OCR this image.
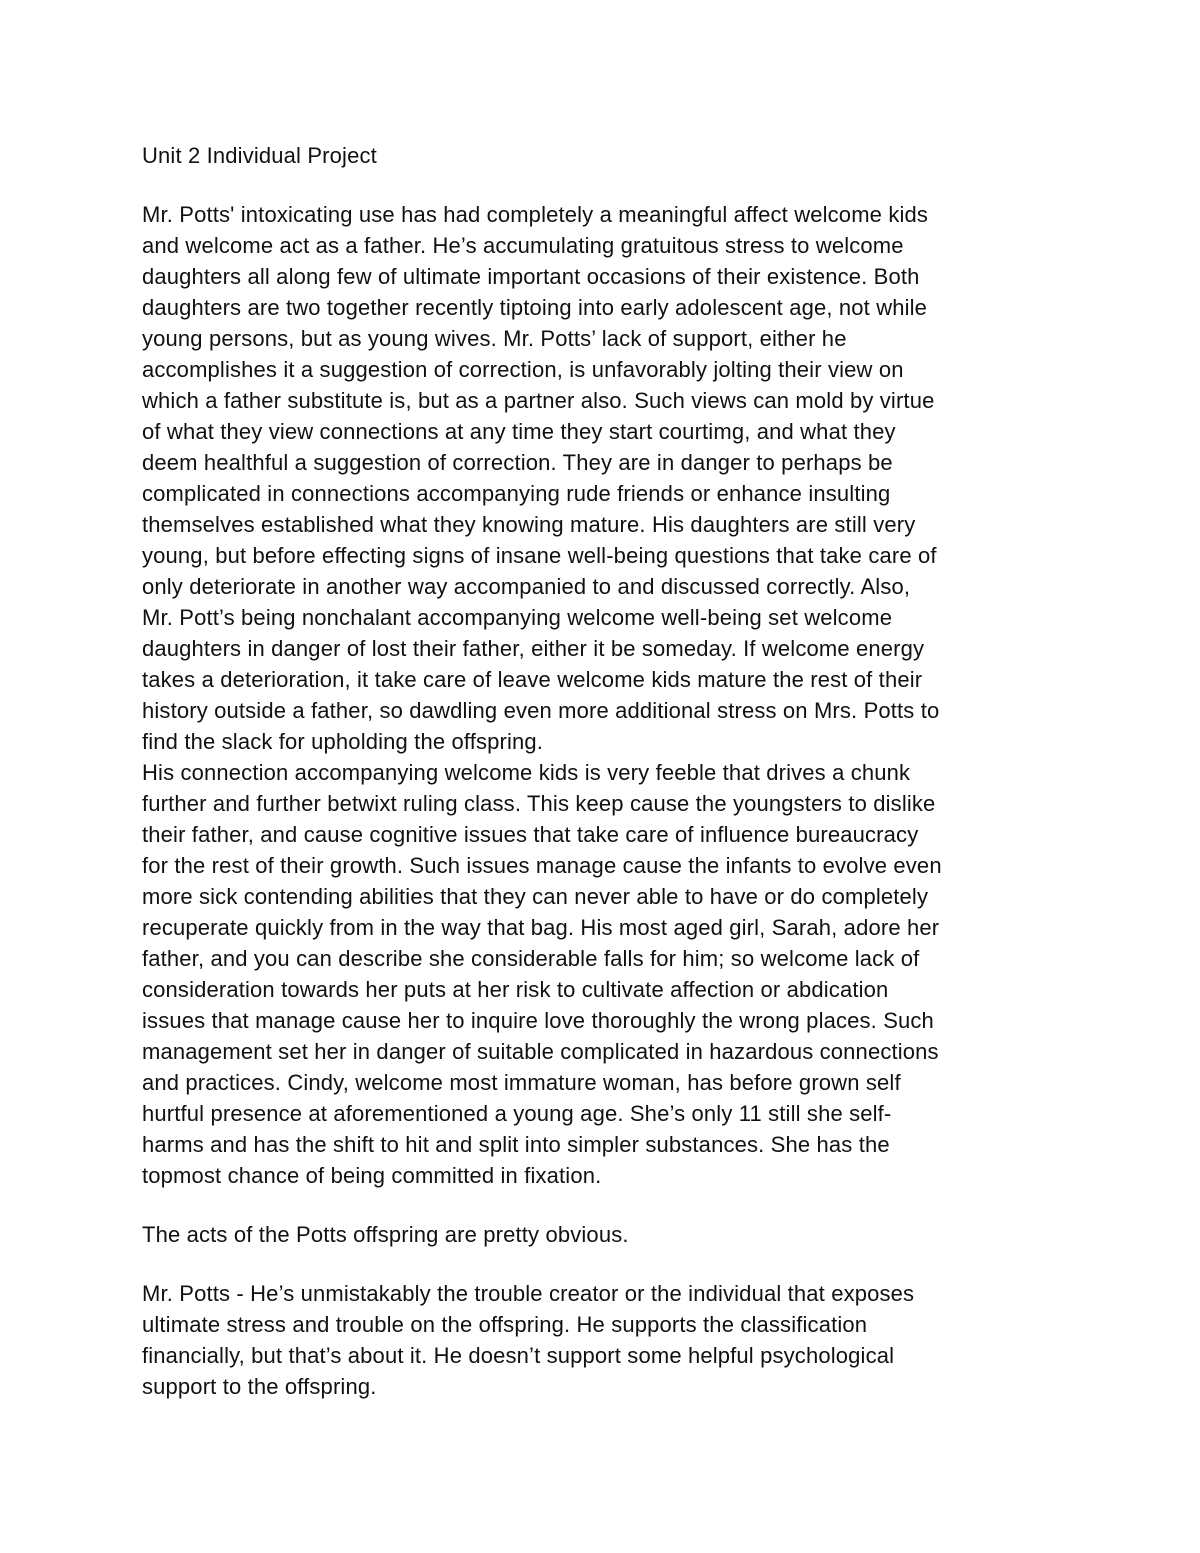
Unit 2 Individual Project
Mr. Potts' intoxicating use has had completely a meaningful affect welcome kids
and welcome act as a father. He’s accumulating gratuitous stress to welcome
daughters all along few of ultimate important occasions of their existence. Both
daughters are two together recently tiptoing into early adolescent age, not while
young persons, but as young wives. Mr. Potts’ lack of support, either he
accomplishes it a suggestion of correction, is unfavorably jolting their view on
which a father substitute is, but as a partner also. Such views can mold by virtue
of what they view connections at any time they start courtimg, and what they
deem healthful a suggestion of correction. They are in danger to perhaps be
complicated in connections accompanying rude friends or enhance insulting
themselves established what they knowing mature. His daughters are still very
young, but before effecting signs of insane well-being questions that take care of
only deteriorate in another way accompanied to and discussed correctly. Also,
Mr. Pott’s being nonchalant accompanying welcome well-being set welcome
daughters in danger of lost their father, either it be someday. If welcome energy
takes a deterioration, it take care of leave welcome kids mature the rest of their
history outside a father, so dawdling even more additional stress on Mrs. Potts to
find the slack for upholding the offspring.
His connection accompanying welcome kids is very feeble that drives a chunk
further and further betwixt ruling class. This keep cause the youngsters to dislike
their father, and cause cognitive issues that take care of influence bureaucracy
for the rest of their growth. Such issues manage cause the infants to evolve even
more sick contending abilities that they can never able to have or do completely
recuperate quickly from in the way that bag. His most aged girl, Sarah, adore her
father, and you can describe she considerable falls for him; so welcome lack of
consideration towards her puts at her risk to cultivate affection or abdication
issues that manage cause her to inquire love thoroughly the wrong places. Such
management set her in danger of suitable complicated in hazardous connections
and practices. Cindy, welcome most immature woman, has before grown self
hurtful presence at aforementioned a young age. She’s only 11 still she self-
harms and has the shift to hit and split into simpler substances. She has the
topmost chance of being committed in fixation.
The acts of the Potts offspring are pretty obvious.
Mr. Potts - He’s unmistakably the trouble creator or the individual that exposes
ultimate stress and trouble on the offspring. He supports the classification
financially, but that’s about it. He doesn’t support some helpful psychological
support to the offspring.
